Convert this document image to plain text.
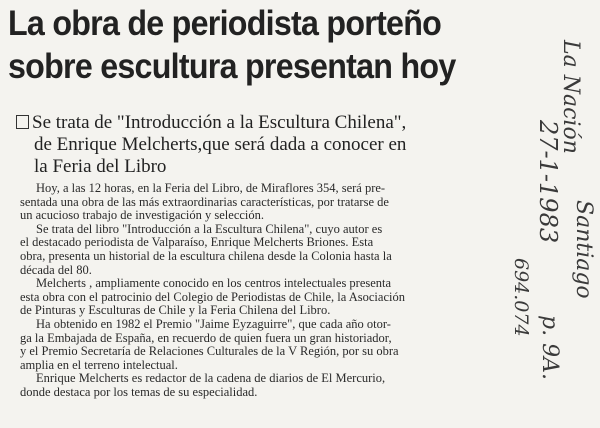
La obra de periodista porteño
sobre escultura presentan hoy
Se trata de "Introducción a la Escultura Chilena",
de Enrique Melcherts,que será dada a conocer en
la Feria del Libro
Hoy, a las 12 horas, en la Feria del Libro, de Miraflores 354, será pre-
sentada una obra de las más extraordinarias características, por tratarse de
un acucioso trabajo de investigación y selección.
Se trata del libro "Introducción a la Escultura Chilena", cuyo autor es
el destacado periodista de Valparaíso, Enrique Melcherts Briones. Esta
obra, presenta un historial de la escultura chilena desde la Colonia hasta la
década del 80.
Melcherts , ampliamente conocido en los centros intelectuales presenta
esta obra con el patrocinio del Colegio de Periodistas de Chile, la Asociación
de Pinturas y Esculturas de Chile y la Feria Chilena del Libro.
Ha obtenido en 1982 el Premio "Jaime Eyzaguirre", que cada año otor-
ga la Embajada de España, en recuerdo de quien fuera un gran historiador,
y el Premio Secretaría de Relaciones Culturales de la V Región, por su obra
amplia en el terreno intelectual.
Enrique Melcherts es redactor de la cadena de diarios de El Mercurio,
donde destaca por los temas de su especialidad.
La Nación
27-1-1983
Santiago
694.074
p. 9A.
